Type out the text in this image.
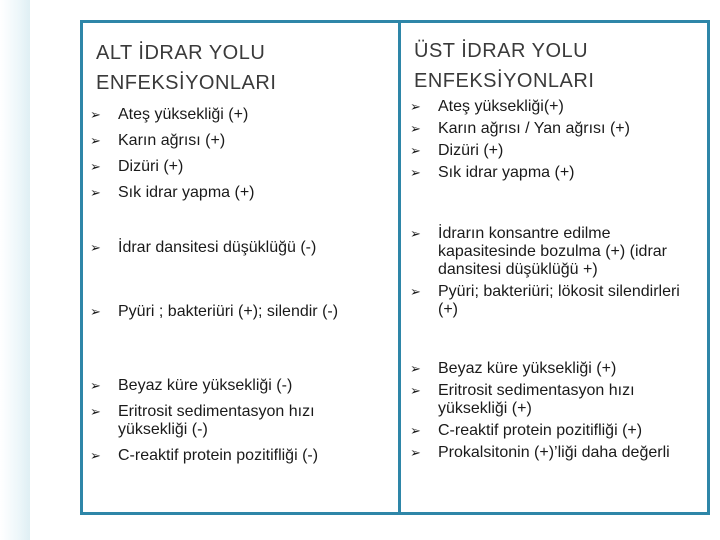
ALT İDRAR YOLU
ENFEKSİYONLARI
➢ Ateş yüksekliği (+)
➢ Karın ağrısı (+)
➢ Dizüri (+)
➢ Sık idrar yapma (+)
➢ İdrar dansitesi düşüklüğü (-)
➢ Pyüri ; bakteriüri (+); silendir (-)
➢ Beyaz küre yüksekliği (-)
➢ Eritrosit sedimentasyon hızı yüksekliği (-)
➢ C-reaktif protein pozitifliği (-)
ÜST İDRAR YOLU
ENFEKSİYONLARI
➢ Ateş yüksekliği(+)
➢ Karın ağrısı / Yan ağrısı (+)
➢ Dizüri (+)
➢ Sık idrar yapma (+)
➢ İdrarın konsantre edilme kapasitesinde bozulma (+) (idrar dansitesi düşüklüğü +)
➢ Pyüri; bakteriüri; lökosit silendirleri (+)
➢ Beyaz küre yüksekliği (+)
➢ Eritrosit sedimentasyon hızı yüksekliği (+)
➢ C-reaktif protein pozitifliği (+)
➢ Prokalsitonin (+)’liği daha değerli
